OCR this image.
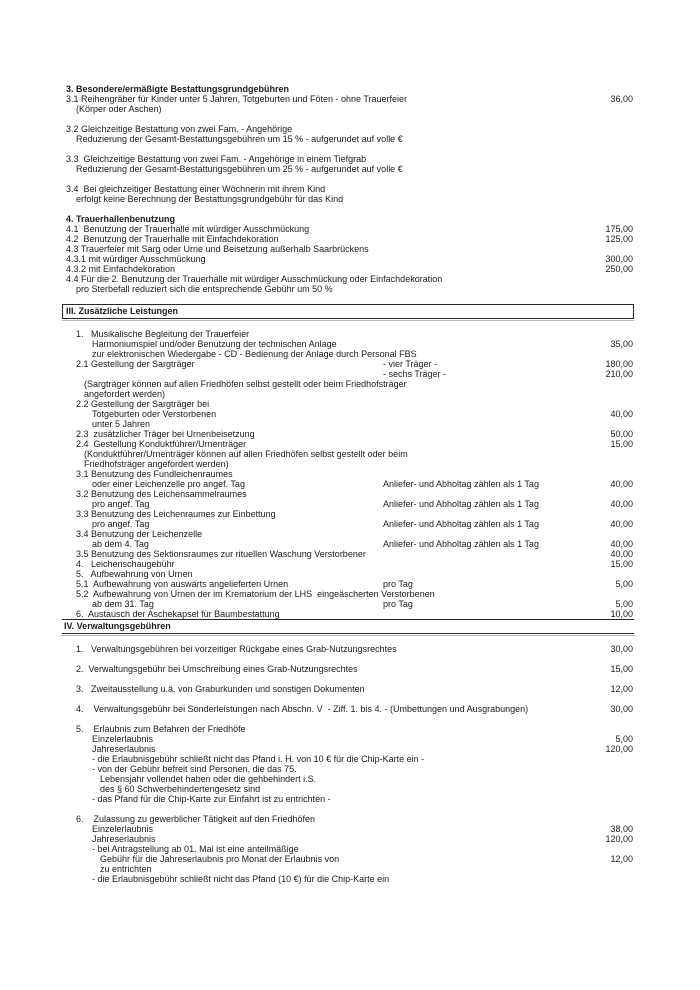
3. Besondere/ermäßigte Bestattungsgrundgebühren
3.1 Reihengräber für Kinder unter 5 Jahren, Totgeburten und Föten - ohne Trauerfeier	36,00
(Körper oder Aschen)
3.2 Gleichzeitige Bestattung von zwei Fam. - Angehörige
Reduzierung der Gesamt-Bestattungsgebühren um 15 % - aufgerundet auf volle €
3.3  Gleichzeitige Bestattung von zwei Fam. - Angehörige in einem Tiefgrab
Reduzierung der Gesamt-Bestattungsgebühren um 25 % - aufgerundet auf volle €
3.4  Bei gleichzeitiger Bestattung einer Wöchnerin mit ihrem Kind
erfolgt keine Berechnung der Bestattungsgrundgebühr für das Kind
4. Trauerhallenbenutzung
4.1  Benutzung der Trauerhalle mit würdiger Ausschmückung	175,00
4.2  Benutzung der Trauerhalle mit Einfachdekoration	125,00
4.3 Trauerfeier mit Sarg oder Urne und Beisetzung außerhalb Saarbrückens
4.3.1 mit würdiger Ausschmückung	300,00
4.3.2 mit Einfachdekoration	250,00
4.4 Für die 2. Benutzung der Trauerhalle mit würdiger Ausschmückung oder Einfachdekoration
pro Sterbefall reduziert sich die entsprechende Gebühr um 50 %
III. Zusätzliche Leistungen
1.   Musikalische Begleitung der Trauerfeier
Harmoniumspiel und/oder Benutzung der technischen Anlage	35,00
zur elektronischen Wiedergabe - CD - Bedienung der Anlage durch Personal FBS
2.1 Gestellung der Sargträger	- vier Träger -	180,00
- sechs Träger -	210,00
(Sargträger können auf allen Friedhöfen selbst gestellt oder beim Friedhofsträger
angefordert werden)
2.2 Gestellung der Sargträger bei
Totgeburten oder Verstorbenen	40,00
unter 5 Jahren
2.3  zusätzlicher Träger bei Urnenbeisetzung	50,00
2.4  Gestellung Konduktführer/Urnenträger	15,00
(Konduktführer/Urnenträger können auf allen Friedhöfen selbst gestellt oder beim
Friedhofsträger angefordert werden)
3.1 Benutzung des Fundleichenraumes
oder einer Leichenzelle pro angef. Tag	Anliefer- und Abholtag zählen als 1 Tag	40,00
3.2 Benutzung des Leichensammelraumes
pro angef. Tag	Anliefer- und Abholtag zählen als 1 Tag	40,00
3.3 Benutzung des Leichenraumes zur Einbettung
pro angef. Tag	Anliefer- und Abholtag zählen als 1 Tag	40,00
3.4 Benutzung der Leichenzelle
ab dem 4. Tag	Anliefer- und Abholtag zählen als 1 Tag	40,00
3.5 Benutzung des Sektionsraumes zur rituellen Waschung Verstorbener	40,00
4.   Leichenschaugebühr	15,00
5.   Aufbewahrung von Urnen
5.1  Aufbewahrung von auswärts angelieferten Urnen	pro Tag	5,00
5.2  Aufbewahrung von Urnen der im Krematorium der LHS  eingeäscherten Verstorbenen
ab dem 31. Tag	pro Tag	5,00
6.  Austausch der Aschekapsel für Baumbestattung	10,00
IV. Verwaltungsgebühren
1.   Verwaltungsgebühren bei vorzeitiger Rückgabe eines Grab-Nutzungsrechtes	30,00
2.  Verwaltungsgebühr bei Umschreibung eines Grab-Nutzungsrechtes	15,00
3.   Zweitausstellung u.ä. von Graburkunden und sonstigen Dokumenten	12,00
4.    Verwaltungsgebühr bei Sonderleistungen nach Abschn. V  - Ziff. 1. bis 4. - (Umbettungen und Ausgrabungen)	30,00
5.    Erlaubnis zum Befahren der Friedhöfe
Einzelerlaubnis	5,00
Jahreserlaubnis	120,00
- die Erlaubnisgebühr schließt nicht das Pfand i. H. von 10 € für die Chip-Karte ein -
- von der Gebühr befreit sind Personen, die das 75.
Lebensjahr vollendet haben oder die gehbehindert i.S.
des § 60 Schwerbehindertengesetz sind
- das Pfand für die Chip-Karte zur Einfahrt ist zu entrichten -
6.    Zulassung zu gewerblicher Tätigkeit auf den Friedhöfen
Einzelerlaubnis	38,00
Jahreserlaubnis	120,00
- bei Antragstellung ab 01. Mai ist eine anteilmäßige
Gebühr für die Jahreserlaubnis pro Monat der Erlaubnis von	12,00
zu entrichten
- die Erlaubnisgebühr schließt nicht das Pfand (10 €) für die Chip-Karte ein
